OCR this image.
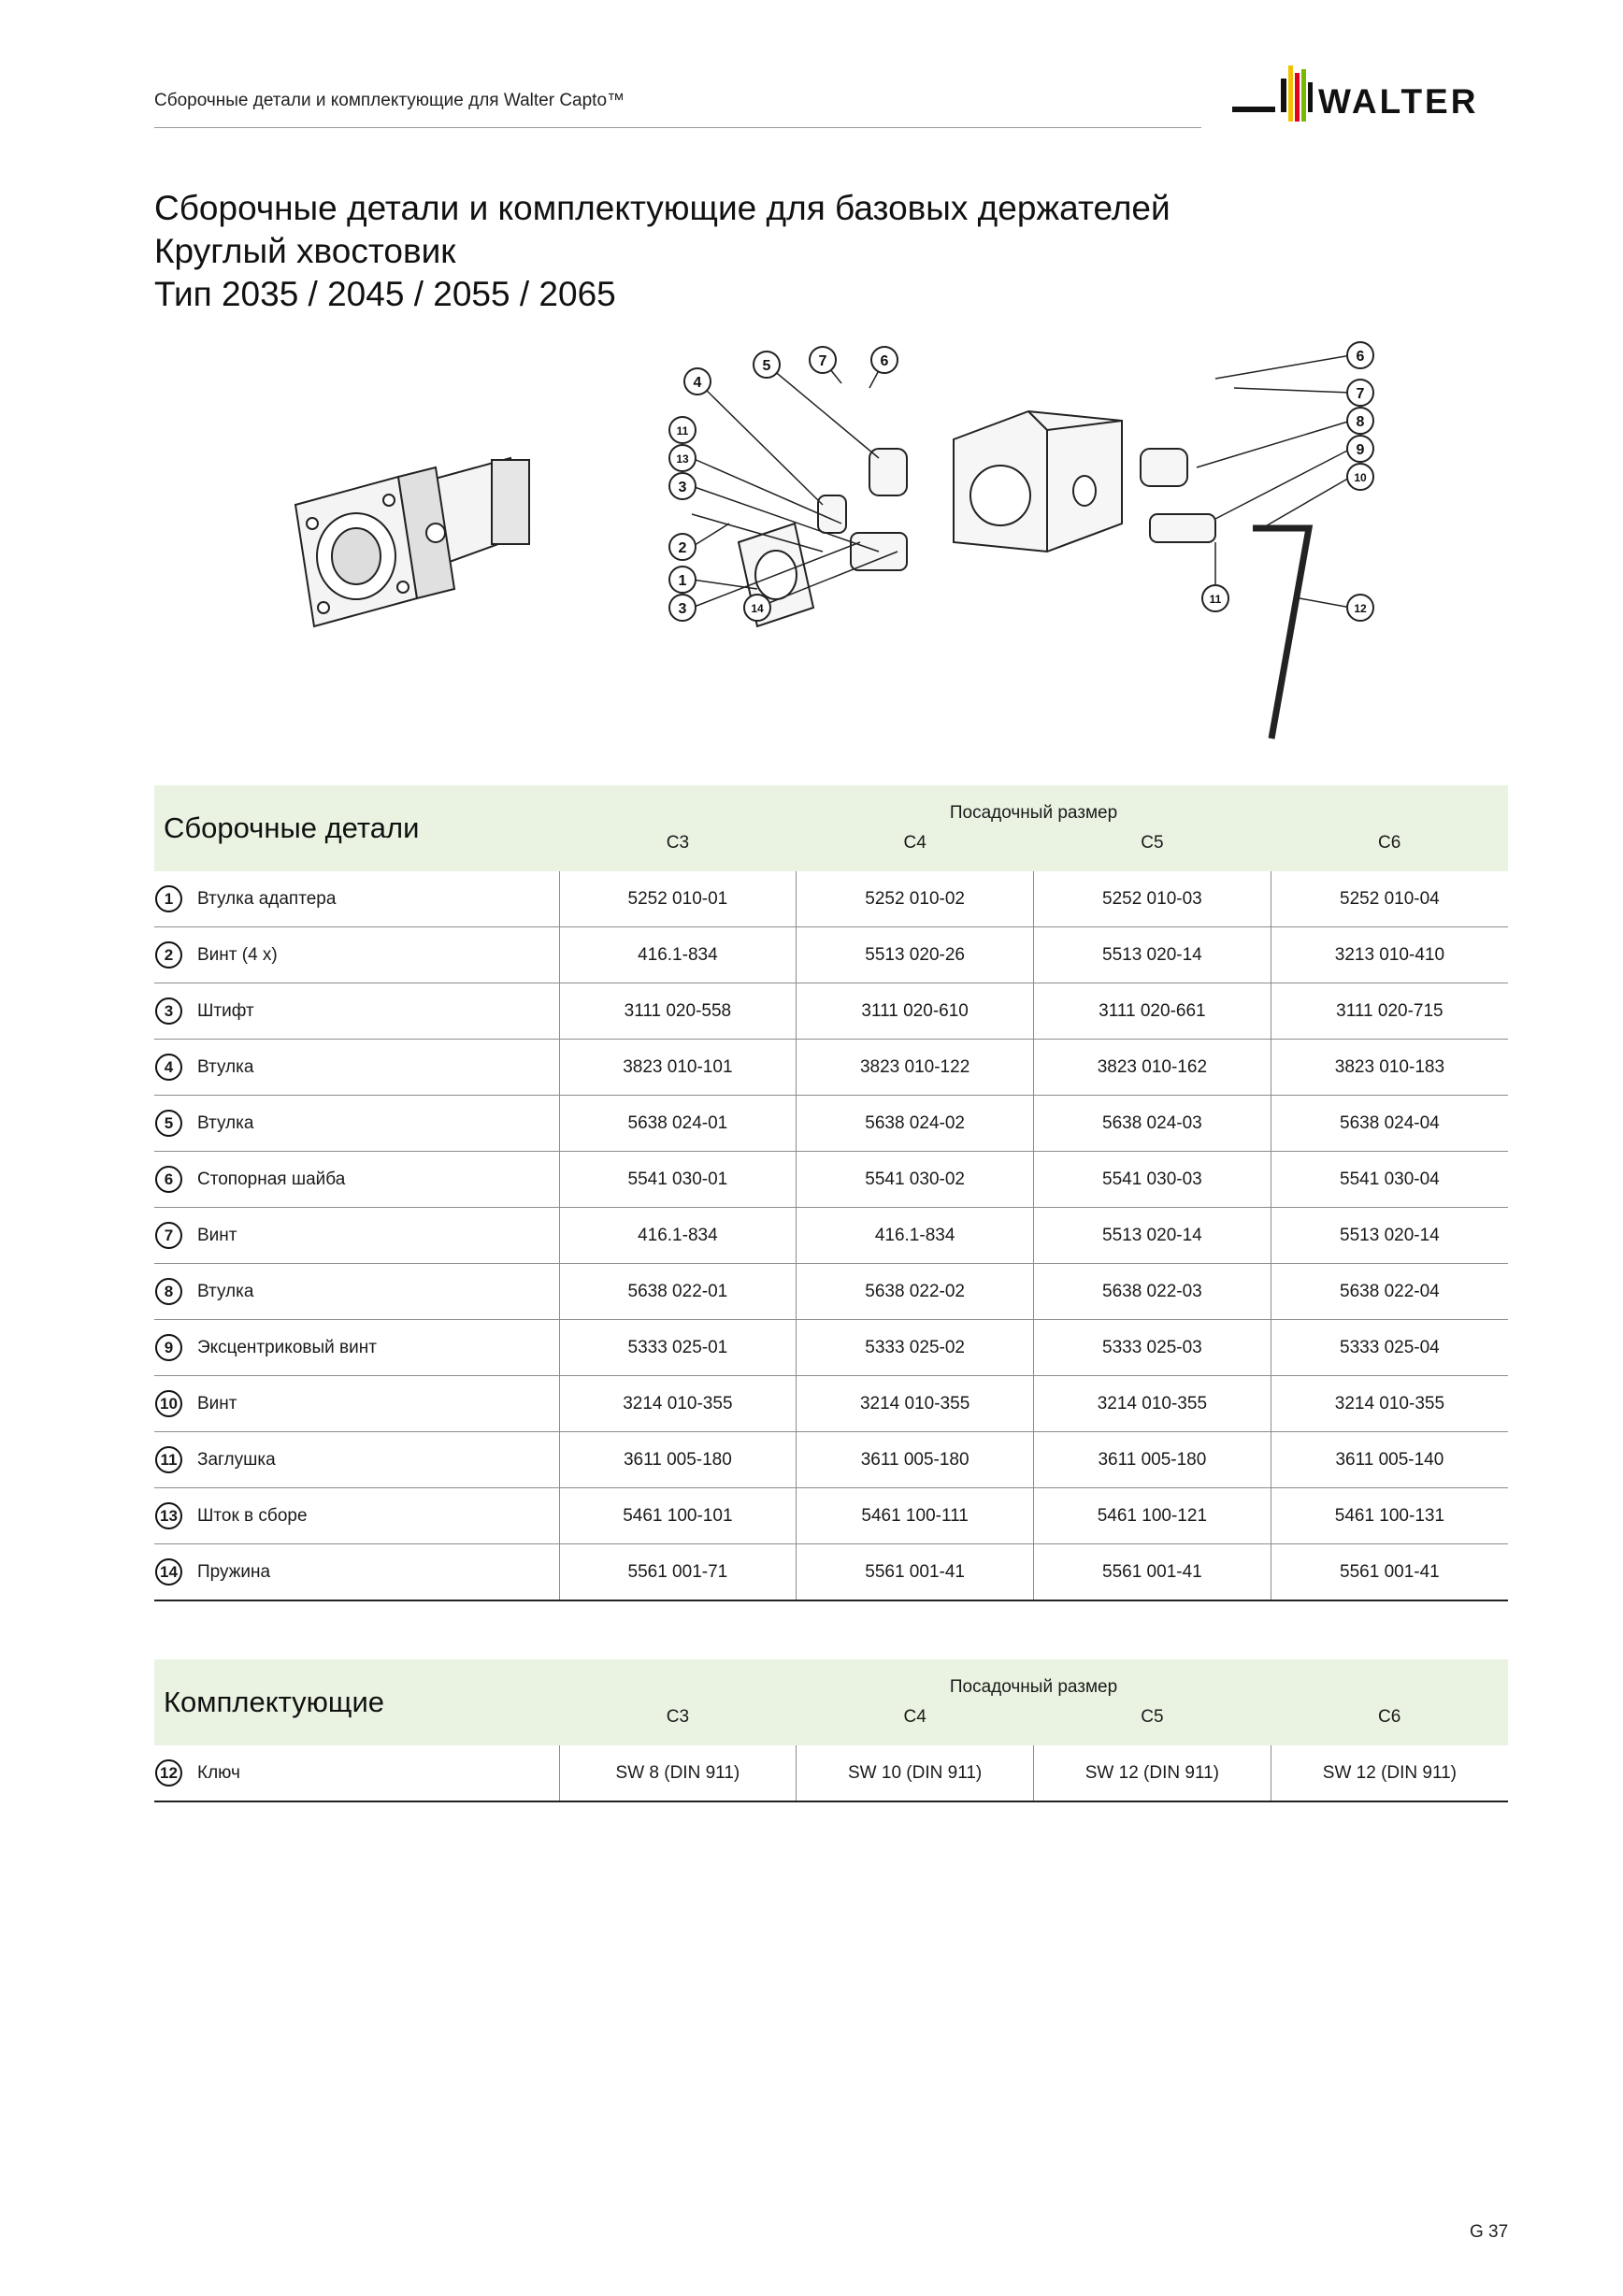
Сборочные детали и комплектующие для Walter Capto™	WALTER
Сборочные детали и комплектующие для базовых держателей
Круглый хвостовик
Тип 2035 / 2045 / 2055 / 2065
4
5	7	6	6
7
8
9
10
12
11
11
13
3
2
1
3	14
Сборочные детали	Посадочный размер			
	C3	C4	C5	C6

1 Втулка адаптера	5252 010-01	5252 010-02	5252 010-03	5252 010-04

2 Винт (4 x)	416.1-834	5513 020-26	5513 020-14	3213 010-410

3 Штифт	3111 020-558	3111 020-610	3111 020-661	3111 020-715

4 Втулка	3823 010-101	3823 010-122	3823 010-162	3823 010-183

5 Втулка	5638 024-01	5638 024-02	5638 024-03	5638 024-04

6 Стопорная шайба	5541 030-01	5541 030-02	5541 030-03	5541 030-04

7 Винт	416.1-834	416.1-834	5513 020-14	5513 020-14

8 Втулка	5638 022-01	5638 022-02	5638 022-03	5638 022-04

9 Эксцентриковый винт	5333 025-01	5333 025-02	5333 025-03	5333 025-04

10 Винт	3214 010-355	3214 010-355	3214 010-355	3214 010-355

11 Заглушка	3611 005-180	3611 005-180	3611 005-180	3611 005-140

13 Шток в сборе	5461 100-101	5461 100-111	5461 100-121	5461 100-131

14 Пружина	5561 001-71	5561 001-41	5561 001-41	5561 001-41
Комплектующие	Посадочный размер			
	C3	C4	C5	C6

12 Ключ	SW 8 (DIN 911)	SW 10 (DIN 911)	SW 12 (DIN 911)	SW 12 (DIN 911)
G 37
